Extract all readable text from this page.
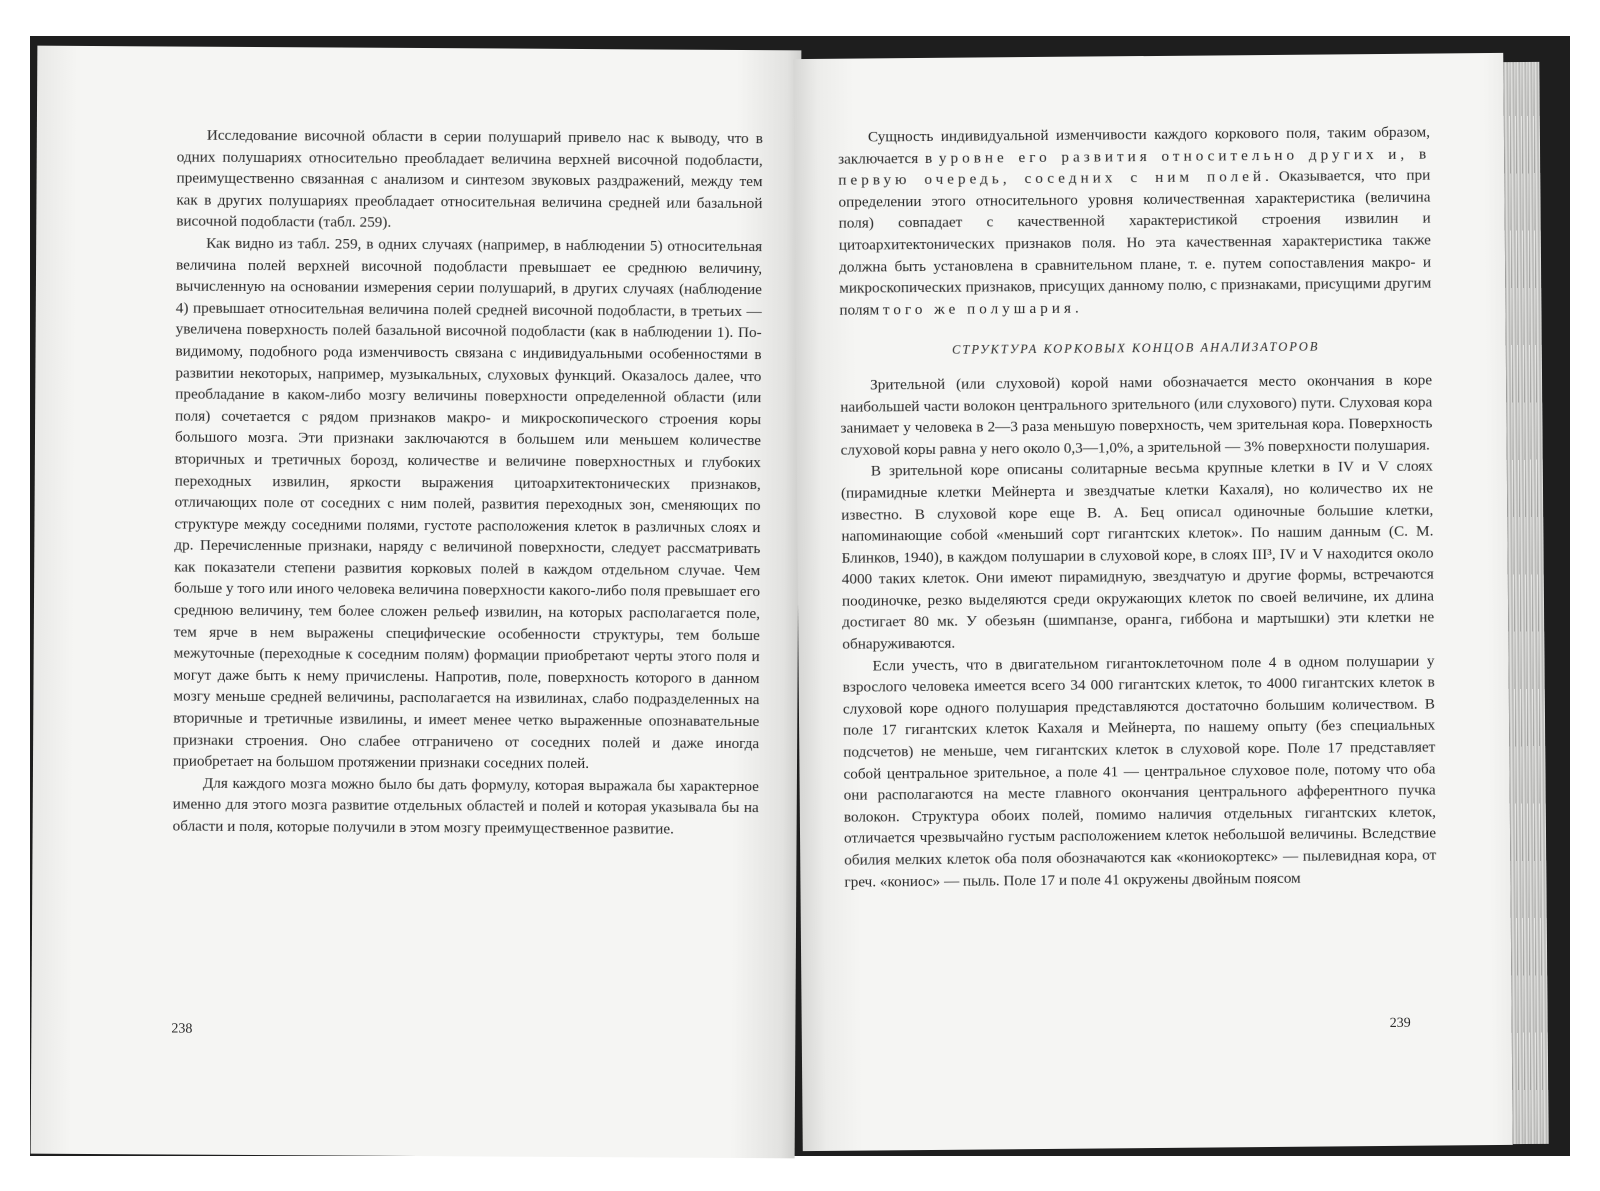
Исследование височной области в серии полушарий привело нас к выводу, что в одних полушариях относительно преобладает величина верхней височной подобласти, преимущественно связанная с анализом и синтезом звуковых раздражений, между тем как в других полушариях преобладает относительная величина средней или базальной височной подобласти (табл. 259).

Как видно из табл. 259, в одних случаях (например, в наблюдении 5) относительная величина полей верхней височной подобласти превышает ее среднюю величину, вычисленную на основании измерения серии полушарий, в других случаях (наблюдение 4) превышает относительная величина полей средней височной подобласти, в третьих — увеличена поверхность полей базальной височной подобласти (как в наблюдении 1). По-видимому, подобного рода изменчивость связана с индивидуальными особенностями в развитии некоторых, например, музыкальных, слуховых функций. Оказалось далее, что преобладание в каком-либо мозгу величины поверхности определенной области (или поля) сочетается с рядом признаков макро- и микроскопического строения коры большого мозга. Эти признаки заключаются в большем или меньшем количестве вторичных и третичных борозд, количестве и величине поверхностных и глубоких переходных извилин, яркости выражения цитоархитектонических признаков, отличающих поле от соседних с ним полей, развития переходных зон, сменяющих по структуре между соседними полями, густоте расположения клеток в различных слоях и др. Перечисленные признаки, наряду с величиной поверхности, следует рассматривать как показатели степени развития корковых полей в каждом отдельном случае. Чем больше у того или иного человека величина поверхности какого-либо поля превышает его среднюю величину, тем более сложен рельеф извилин, на которых располагается поле, тем ярче в нем выражены специфические особенности структуры, тем больше межуточные (переходные к соседним полям) формации приобретают черты этого поля и могут даже быть к нему причислены. Напротив, поле, поверхность которого в данном мозгу меньше средней величины, располагается на извилинах, слабо подразделенных на вторичные и третичные извилины, и имеет менее четко выраженные опознавательные признаки строения. Оно слабее отграничено от соседних полей и даже иногда приобретает на большом протяжении признаки соседних полей.

Для каждого мозга можно было бы дать формулу, которая выражала бы характерное именно для этого мозга развитие отдельных областей и полей и которая указывала бы на области и поля, которые получили в этом мозгу преимущественное развитие.

238

Сущность индивидуальной изменчивости каждого коркового поля, таким образом, заключается в уровне его развития относительно других и, в первую очередь, соседних с ним полей. Оказывается, что при определении этого относительного уровня количественная характеристика (величина поля) совпадает с качественной характеристикой строения извилин и цитоархитектонических признаков поля. Но эта качественная характеристика также должна быть установлена в сравнительном плане, т. е. путем сопоставления макро- и микроскопических признаков, присущих данному полю, с признаками, присущими другим полям того же полушария.

СТРУКТУРА КОРКОВЫХ КОНЦОВ АНАЛИЗАТОРОВ

Зрительной (или слуховой) корой нами обозначается место окончания в коре наибольшей части волокон центрального зрительного (или слухового) пути. Слуховая кора занимает у человека в 2—3 раза меньшую поверхность, чем зрительная кора. Поверхность слуховой коры равна у него около 0,3—1,0%, а зрительной — 3% поверхности полушария.

В зрительной коре описаны солитарные весьма крупные клетки в IV и V слоях (пирамидные клетки Мейнерта и звездчатые клетки Кахаля), но количество их не известно. В слуховой коре еще В. А. Бец описал одиночные большие клетки, напоминающие собой «меньший сорт гигантских клеток». По нашим данным (С. М. Блинков, 1940), в каждом полушарии в слуховой коре, в слоях III³, IV и V находится около 4000 таких клеток. Они имеют пирамидную, звездчатую и другие формы, встречаются поодиночке, резко выделяются среди окружающих клеток по своей величине, их длина достигает 80 мк. У обезьян (шимпанзе, оранга, гиббона и мартышки) эти клетки не обнаруживаются.

Если учесть, что в двигательном гигантоклеточном поле 4 в одном полушарии у взрослого человека имеется всего 34 000 гигантских клеток, то 4000 гигантских клеток в слуховой коре одного полушария представляются достаточно большим количеством. В поле 17 гигантских клеток Кахаля и Мейнерта, по нашему опыту (без специальных подсчетов) не меньше, чем гигантских клеток в слуховой коре. Поле 17 представляет собой центральное зрительное, а поле 41 — центральное слуховое поле, потому что оба они располагаются на месте главного окончания центрального афферентного пучка волокон. Структура обоих полей, помимо наличия отдельных гигантских клеток, отличается чрезвычайно густым расположением клеток небольшой величины. Вследствие обилия мелких клеток оба поля обозначаются как «кониокортекс» — пылевидная кора, от греч. «кониос» — пыль. Поле 17 и поле 41 окружены двойным поясом

239
